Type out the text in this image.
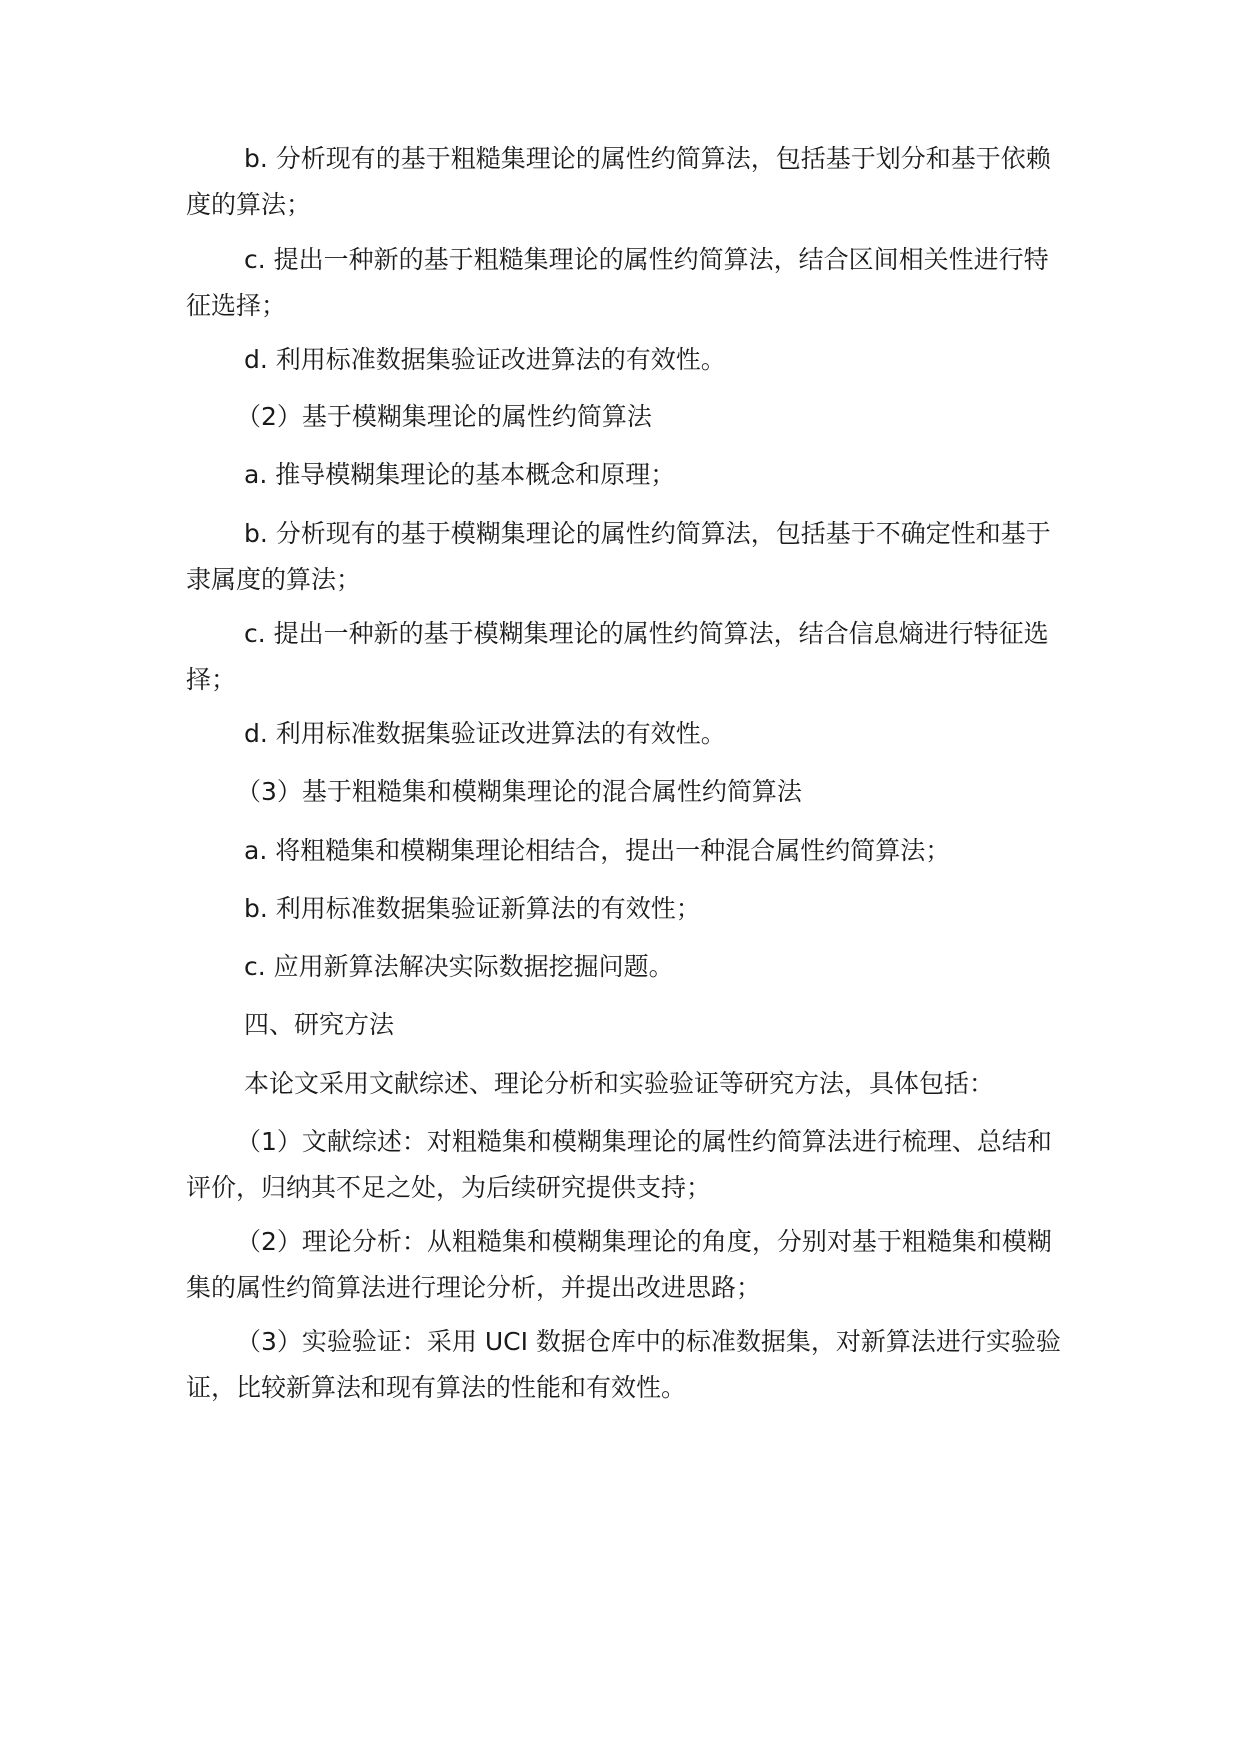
b. 分析现有的基于粗糙集理论的属性约简算法，包括基于划分和基于依赖度的算法；

c. 提出一种新的基于粗糙集理论的属性约简算法，结合区间相关性进行特征选择；

d. 利用标准数据集验证改进算法的有效性。

（2）基于模糊集理论的属性约简算法

a. 推导模糊集理论的基本概念和原理；

b. 分析现有的基于模糊集理论的属性约简算法，包括基于不确定性和基于隶属度的算法；

c. 提出一种新的基于模糊集理论的属性约简算法，结合信息熵进行特征选择；

d. 利用标准数据集验证改进算法的有效性。

（3）基于粗糙集和模糊集理论的混合属性约简算法

a. 将粗糙集和模糊集理论相结合，提出一种混合属性约简算法；

b. 利用标准数据集验证新算法的有效性；

c. 应用新算法解决实际数据挖掘问题。

四、研究方法

本论文采用文献综述、理论分析和实验验证等研究方法，具体包括：

（1）文献综述：对粗糙集和模糊集理论的属性约简算法进行梳理、总结和评价，归纳其不足之处，为后续研究提供支持；

（2）理论分析：从粗糙集和模糊集理论的角度，分别对基于粗糙集和模糊集的属性约简算法进行理论分析，并提出改进思路；

（3）实验验证：采用 UCI 数据仓库中的标准数据集，对新算法进行实验验证，比较新算法和现有算法的性能和有效性。
